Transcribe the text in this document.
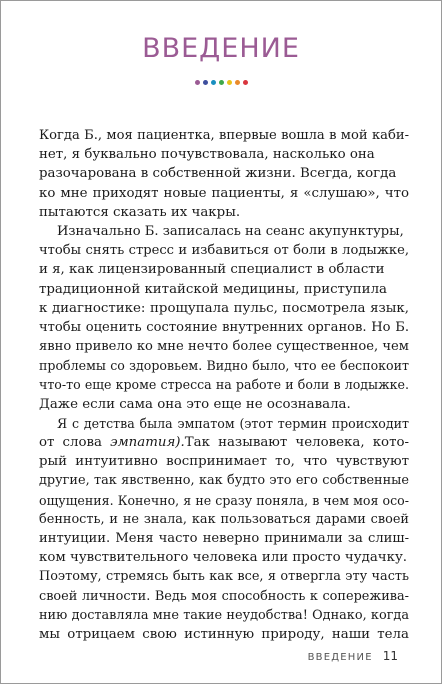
ВВЕДЕНИЕ
Когда Б., моя пациентка, впервые вошла в мой каби-
нет, я буквально почувствовала, насколько она
разочарована в собственной жизни. Всегда, когда
ко мне приходят новые пациенты, я «слушаю», что
пытаются сказать их чакры.
Изначально Б. записалась на сеанс акупунктуры,
чтобы снять стресс и избавиться от боли в лодыжке,
и я, как лицензированный специалист в области
традиционной китайской медицины, приступила
к диагностике: прощупала пульс, посмотрела язык,
чтобы оценить состояние внутренних органов. Но Б.
явно привело ко мне нечто более существенное, чем
проблемы со здоровьем. Видно было, что ее беспокоит
что-то еще кроме стресса на работе и боли в лодыжке.
Даже если сама она это еще не осознавала.
Я с детства была эмпатом (этот термин происходит
от слова эмпатия).Так называют человека, кото-
рый интуитивно воспринимает то, что чувствуют
другие, так явственно, как будто это его собственные
ощущения. Конечно, я не сразу поняла, в чем моя осо-
бенность, и не знала, как пользоваться дарами своей
интуиции. Меня часто неверно принимали за слиш-
ком чувствительного человека или просто чудачку.
Поэтому, стремясь быть как все, я отвергла эту часть
своей личности. Ведь моя способность к сопережива-
нию доставляла мне такие неудобства! Однако, когда
мы отрицаем свою истинную природу, наши тела
ВВЕДЕНИЕ 11
